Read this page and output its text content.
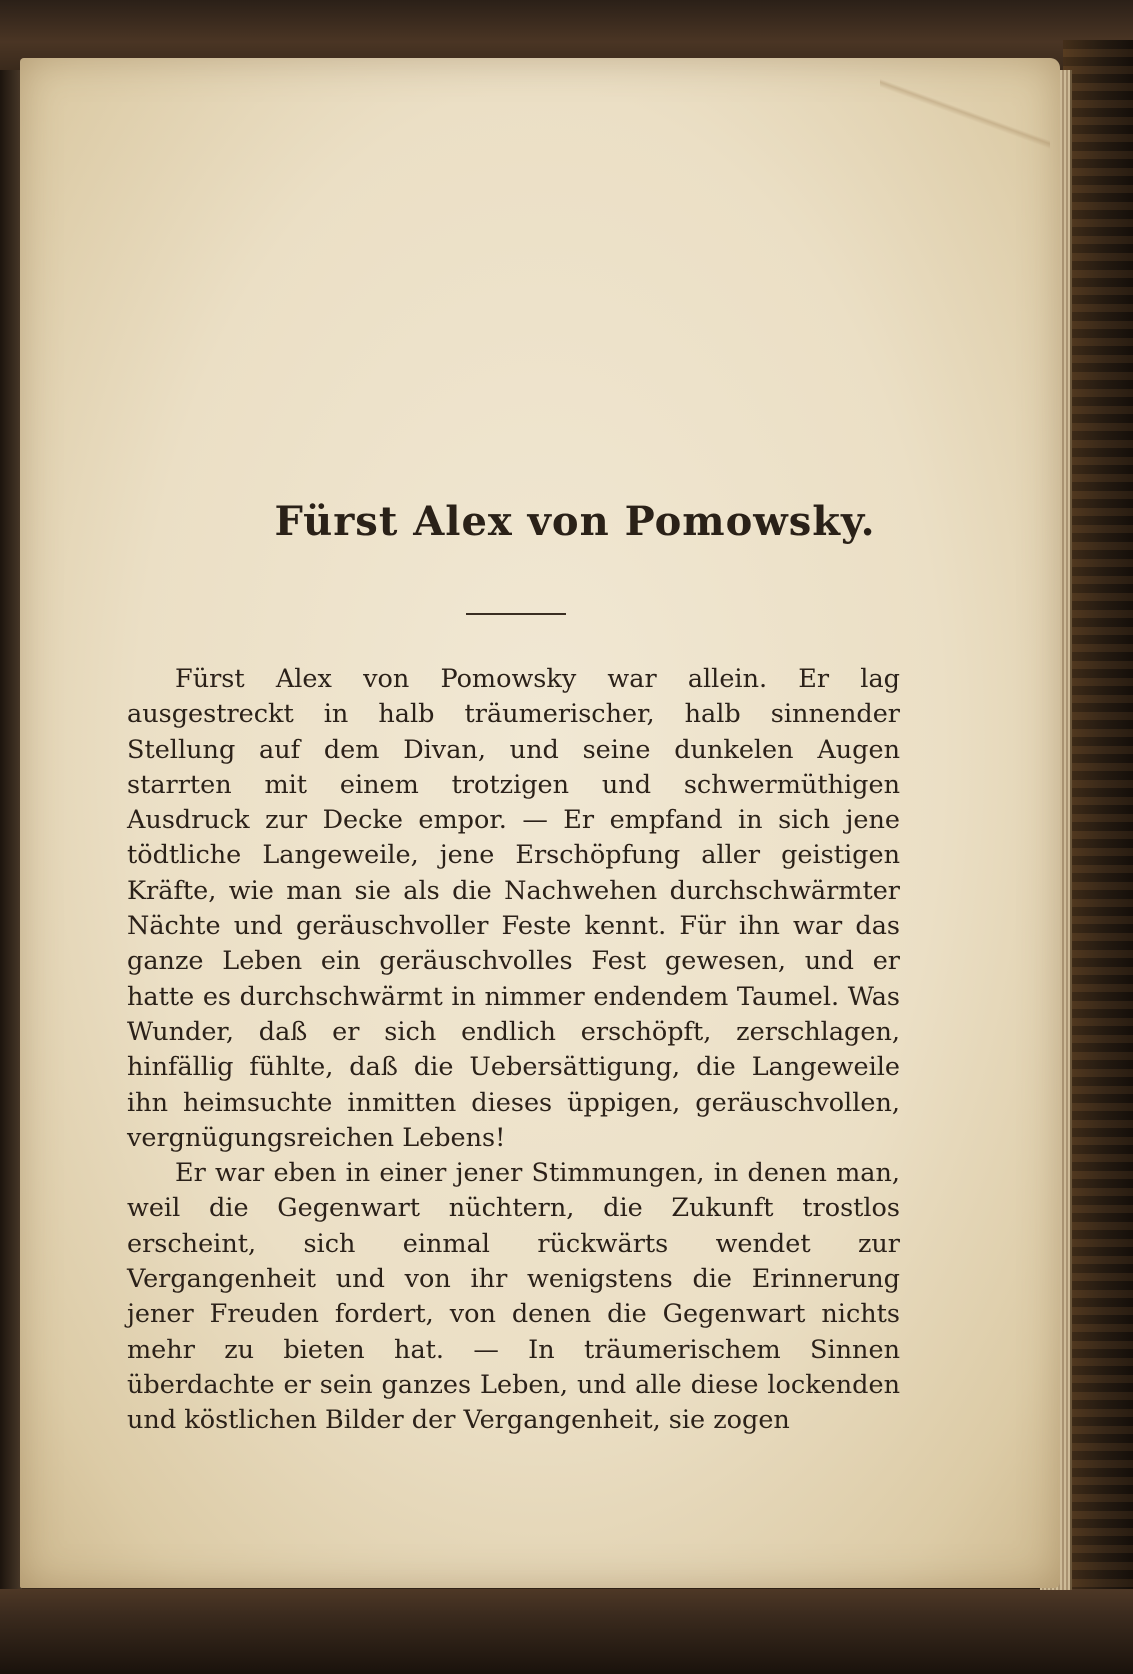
Fürst Alex von Pomowsky.

Fürst Alex von Pomowsky war allein. Er lag ausgestreckt in halb träumerischer, halb sinnender Stellung auf dem Divan, und seine dunkelen Augen starrten mit einem trotzigen und schwermüthigen Ausdruck zur Decke empor. — Er empfand in sich jene tödtliche Langeweile, jene Erschöpfung aller geistigen Kräfte, wie man sie als die Nachwehen durchschwärmter Nächte und geräuschvoller Feste kennt. Für ihn war das ganze Leben ein geräuschvolles Fest gewesen, und er hatte es durchschwärmt in nimmer endendem Taumel. Was Wunder, daß er sich endlich erschöpft, zerschlagen, hinfällig fühlte, daß die Uebersättigung, die Langeweile ihn heimsuchte inmitten dieses üppigen, geräuschvollen, vergnügungsreichen Lebens!

Er war eben in einer jener Stimmungen, in denen man, weil die Gegenwart nüchtern, die Zukunft trostlos erscheint, sich einmal rückwärts wendet zur Vergangenheit und von ihr wenigstens die Erinnerung jener Freuden fordert, von denen die Gegenwart nichts mehr zu bieten hat. — In träumerischem Sinnen überdachte er sein ganzes Leben, und alle diese lockenden und köstlichen Bilder der Vergangenheit, sie zogen
